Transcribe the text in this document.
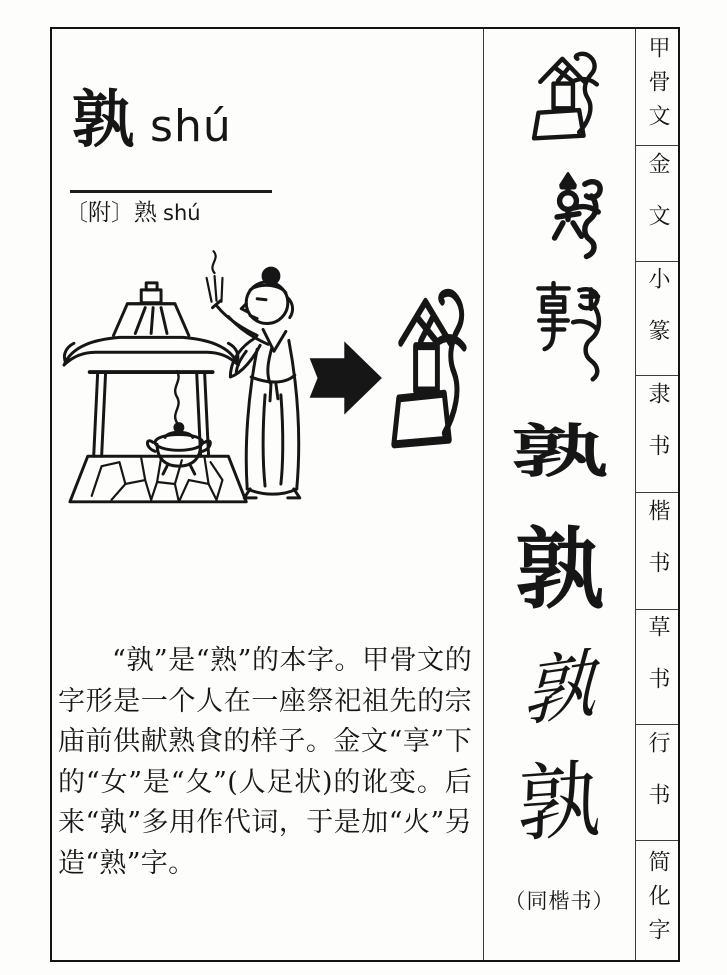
孰 shú
〔附〕熟 shú

“孰”是“熟”的本字。甲骨文的字形是一个人在一座祭祀祖先的宗庙前供献熟食的样子。金文“享”下的“女”是“夂”(人足状)的讹变。后来“孰”多用作代词，于是加“火”另造“熟”字。

孰
孰
孰
孰
（同楷书）
甲骨文
金文
小篆
隶书
楷书
草书
行书
简化字
